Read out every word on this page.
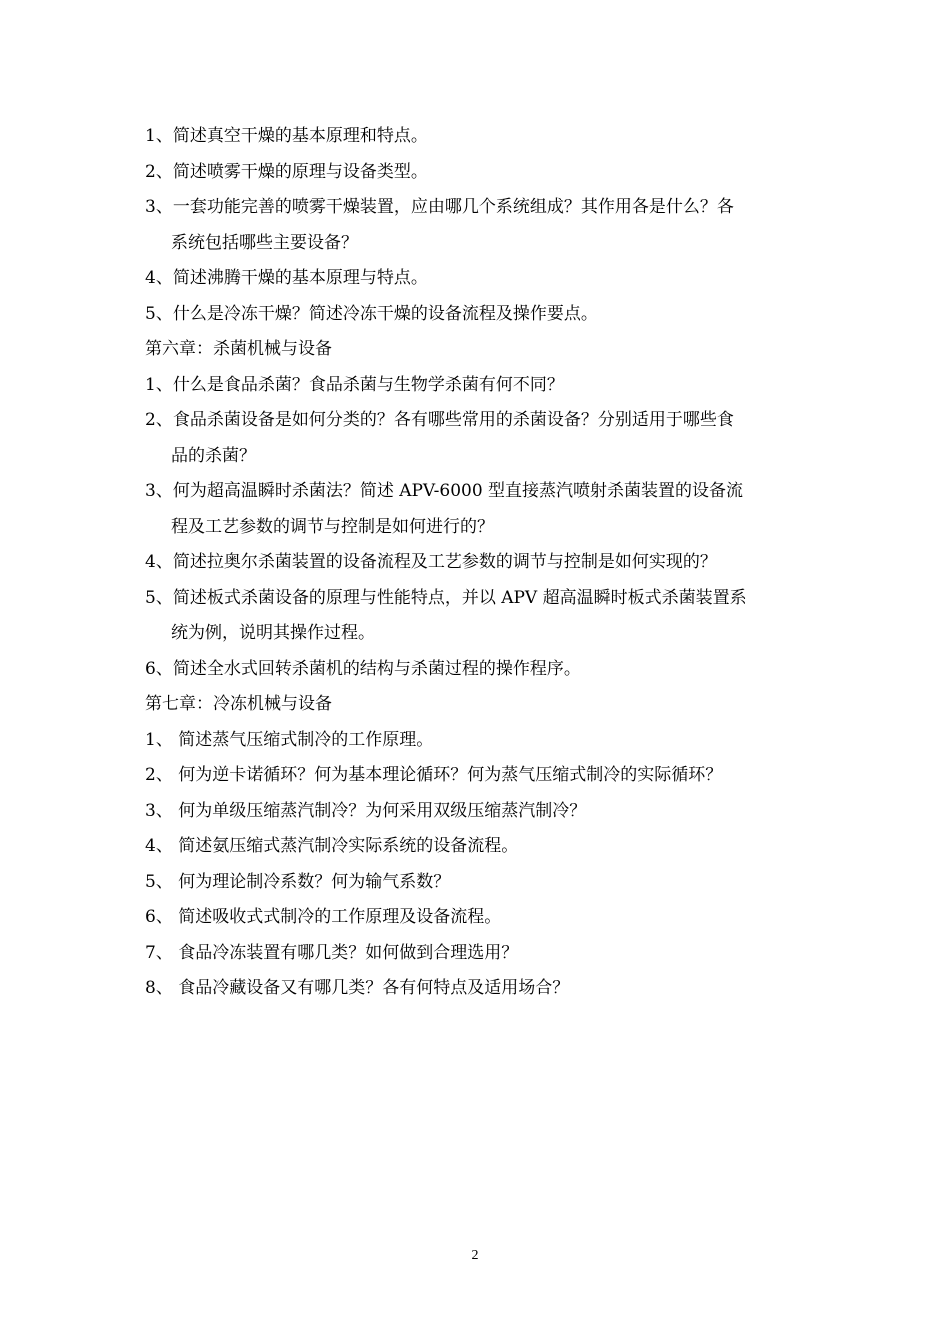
1、简述真空干燥的基本原理和特点。
2、简述喷雾干燥的原理与设备类型。
3、一套功能完善的喷雾干燥装置，应由哪几个系统组成？其作用各是什么？各
系统包括哪些主要设备？
4、简述沸腾干燥的基本原理与特点。
5、什么是冷冻干燥？简述冷冻干燥的设备流程及操作要点。
第六章：杀菌机械与设备
1、什么是食品杀菌？食品杀菌与生物学杀菌有何不同？
2、食品杀菌设备是如何分类的？各有哪些常用的杀菌设备？分别适用于哪些食
品的杀菌？
3、何为超高温瞬时杀菌法？简述 APV-6000 型直接蒸汽喷射杀菌装置的设备流
程及工艺参数的调节与控制是如何进行的？
4、简述拉奥尔杀菌装置的设备流程及工艺参数的调节与控制是如何实现的？
5、简述板式杀菌设备的原理与性能特点，并以 APV 超高温瞬时板式杀菌装置系
统为例，说明其操作过程。
6、简述全水式回转杀菌机的结构与杀菌过程的操作程序。
第七章：冷冻机械与设备
1、 简述蒸气压缩式制冷的工作原理。
2、 何为逆卡诺循环？何为基本理论循环？何为蒸气压缩式制冷的实际循环？
3、 何为单级压缩蒸汽制冷？为何采用双级压缩蒸汽制冷？
4、 简述氨压缩式蒸汽制冷实际系统的设备流程。
5、 何为理论制冷系数？何为输气系数？
6、 简述吸收式式制冷的工作原理及设备流程。
7、 食品冷冻装置有哪几类？如何做到合理选用？
8、 食品冷藏设备又有哪几类？各有何特点及适用场合？
2
